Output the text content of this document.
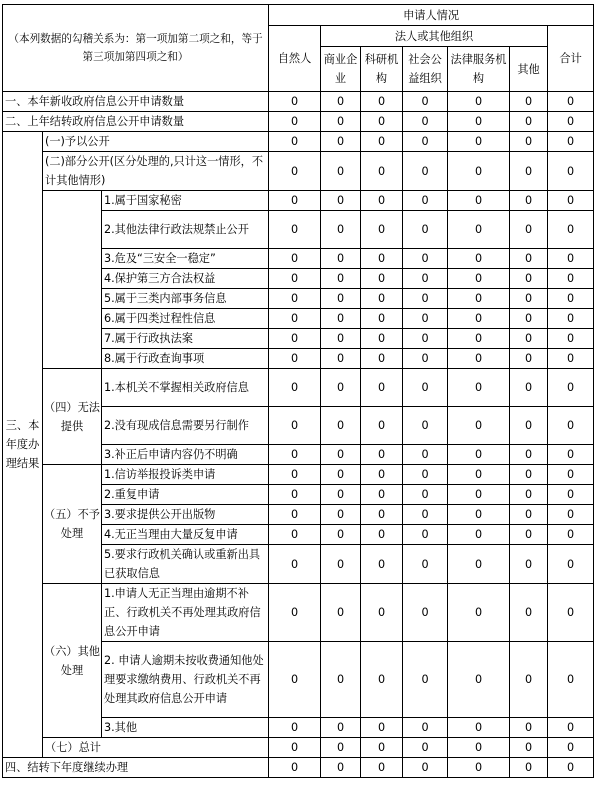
（本列数据的勾稽关系为：第一项加第二项之和，等于第三项加第四项之和）			申请人情况						
			自然人	法人或其他组织					合计
				商业企业	科研机构	社会公益组织	法律服务机构	其他	
一、本年新收政府信息公开申请数量			0	0	0	0	0	0	0
二、上年结转政府信息公开申请数量			0	0	0	0	0	0	0
三、本年度办理结果	(一)予以公开		0	0	0	0	0	0	0
	(二)部分公开(区分处理的,只计这一情形，不计其他情形)		0	0	0	0	0	0	0
		1.属于国家秘密	0	0	0	0	0	0	0
		2.其他法律行政法规禁止公开	0	0	0	0	0	0	0
		3.危及“三安全一稳定”	0	0	0	0	0	0	0
		4.保护第三方合法权益	0	0	0	0	0	0	0
		5.属于三类内部事务信息	0	0	0	0	0	0	0
		6.属于四类过程性信息	0	0	0	0	0	0	0
		7.属于行政执法案	0	0	0	0	0	0	0
		8.属于行政查询事项	0	0	0	0	0	0	0
	（四）无法提供	1.本机关不掌握相关政府信息	0	0	0	0	0	0	0
		2.没有现成信息需要另行制作	0	0	0	0	0	0	0
		3.补正后申请内容仍不明确	0	0	0	0	0	0	0
	（五）不予处理	1.信访举报投诉类申请	0	0	0	0	0	0	0
		2.重复申请	0	0	0	0	0	0	0
		3.要求提供公开出版物	0	0	0	0	0	0	0
		4.无正当理由大量反复申请	0	0	0	0	0	0	0
		5.要求行政机关确认或重新出具已获取信息	0	0	0	0	0	0	0
	（六）其他处理	1.申请人无正当理由逾期不补正、行政机关不再处理其政府信息公开申请	0	0	0	0	0	0	0
		2. 申请人逾期未按收费通知他处理要求缴纳费用、行政机关不再处理其政府信息公开申请	0	0	0	0	0	0	0
		3.其他	0	0	0	0	0	0	0
	（七）总计		0	0	0	0	0	0	0
四、结转下年度继续办理			0	0	0	0	0	0	0
